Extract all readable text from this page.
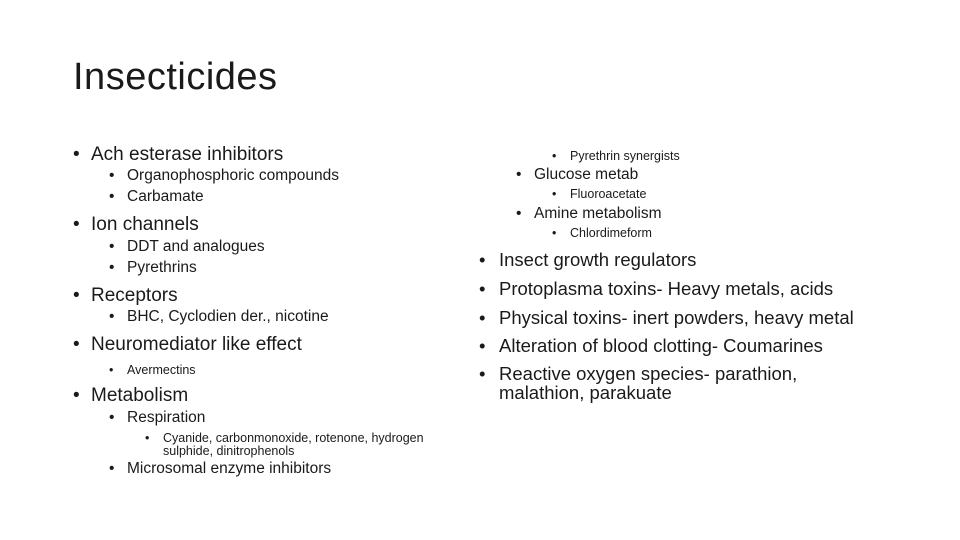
Insecticides
• Ach esterase inhibitors
• Organophosphoric compounds
• Carbamate
• Ion channels
• DDT and analogues
• Pyrethrins
• Receptors
• BHC, Cyclodien der., nicotine
• Neuromediator like effect
• Avermectins
• Metabolism
• Respiration
• Cyanide, carbonmonoxide, rotenone, hydrogen
sulphide, dinitrophenols
• Microsomal enzyme inhibitors
• Pyrethrin synergists
• Glucose metab
• Fluoroacetate
• Amine metabolism
• Chlordimeform
• Insect growth regulators
• Protoplasma toxins- Heavy metals, acids
• Physical toxins- inert powders, heavy metal
• Alteration of blood clotting- Coumarines
• Reactive oxygen species- parathion,
malathion, parakuate
